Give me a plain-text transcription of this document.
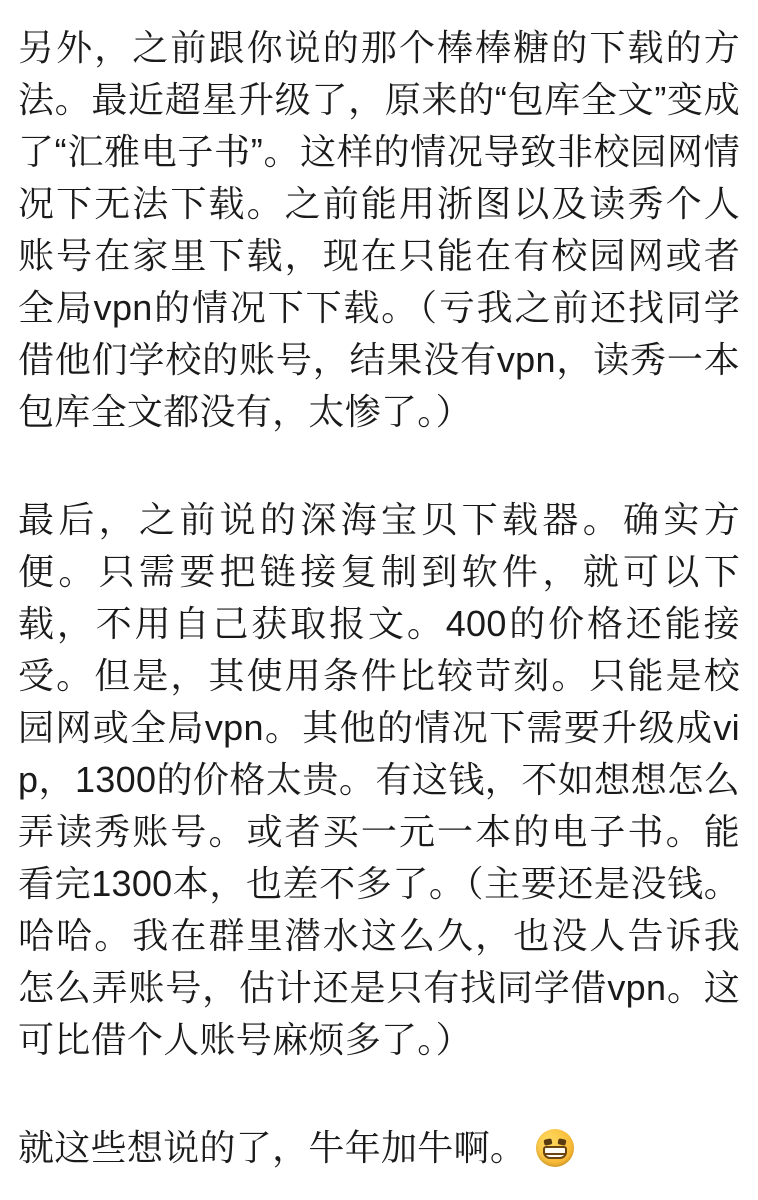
另外，之前跟你说的那个棒棒糖的下载的方法。最近超星升级了，原来的“包库全文”变成了“汇雅电子书”。这样的情况导致非校园网情况下无法下载。之前能用浙图以及读秀个人账号在家里下载，现在只能在有校园网或者全局vpn的情况下下载。（亏我之前还找同学借他们学校的账号，结果没有vpn，读秀一本包库全文都没有，太惨了。）

最后，之前说的深海宝贝下载器。确实方便。只需要把链接复制到软件，就可以下载，不用自己获取报文。400的价格还能接受。但是，其使用条件比较苛刻。只能是校园网或全局vpn。其他的情况下需要升级成vip，1300的价格太贵。有这钱，不如想想怎么弄读秀账号。或者买一元一本的电子书。能看完1300本，也差不多了。（主要还是没钱。哈哈。我在群里潜水这么久，也没人告诉我怎么弄账号，估计还是只有找同学借vpn。这可比借个人账号麻烦多了。）

就这些想说的了，牛年加牛啊。
